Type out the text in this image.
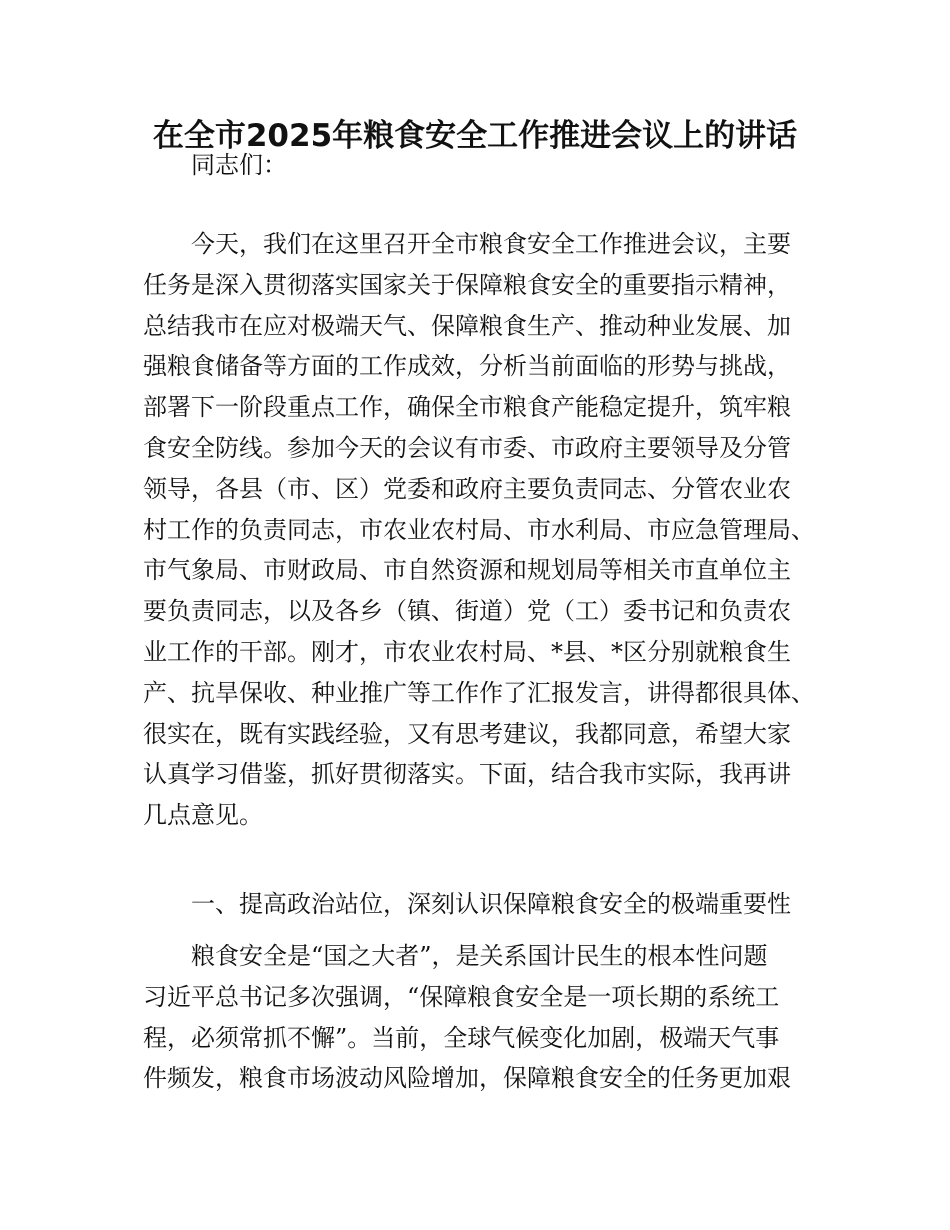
在全市2025年粮食安全工作推进会议上的讲话
同志们：
今天，我们在这里召开全市粮食安全工作推进会议，主要
任务是深入贯彻落实国家关于保障粮食安全的重要指示精神，
总结我市在应对极端天气、保障粮食生产、推动种业发展、加
强粮食储备等方面的工作成效，分析当前面临的形势与挑战，
部署下一阶段重点工作，确保全市粮食产能稳定提升，筑牢粮
食安全防线。参加今天的会议有市委、市政府主要领导及分管
领导，各县（市、区）党委和政府主要负责同志、分管农业农
村工作的负责同志，市农业农村局、市水利局、市应急管理局、
市气象局、市财政局、市自然资源和规划局等相关市直单位主
要负责同志，以及各乡（镇、街道）党（工）委书记和负责农
业工作的干部。刚才，市农业农村局、*县、*区分别就粮食生
产、抗旱保收、种业推广等工作作了汇报发言，讲得都很具体、
很实在，既有实践经验，又有思考建议，我都同意，希望大家
认真学习借鉴，抓好贯彻落实。下面，结合我市实际，我再讲
几点意见。
一、提高政治站位，深刻认识保障粮食安全的极端重要性
粮食安全是“国之大者”，是关系国计民生的根本性问题
习近平总书记多次强调，“保障粮食安全是一项长期的系统工
程，必须常抓不懈”。当前，全球气候变化加剧，极端天气事
件频发，粮食市场波动风险增加，保障粮食安全的任务更加艰
